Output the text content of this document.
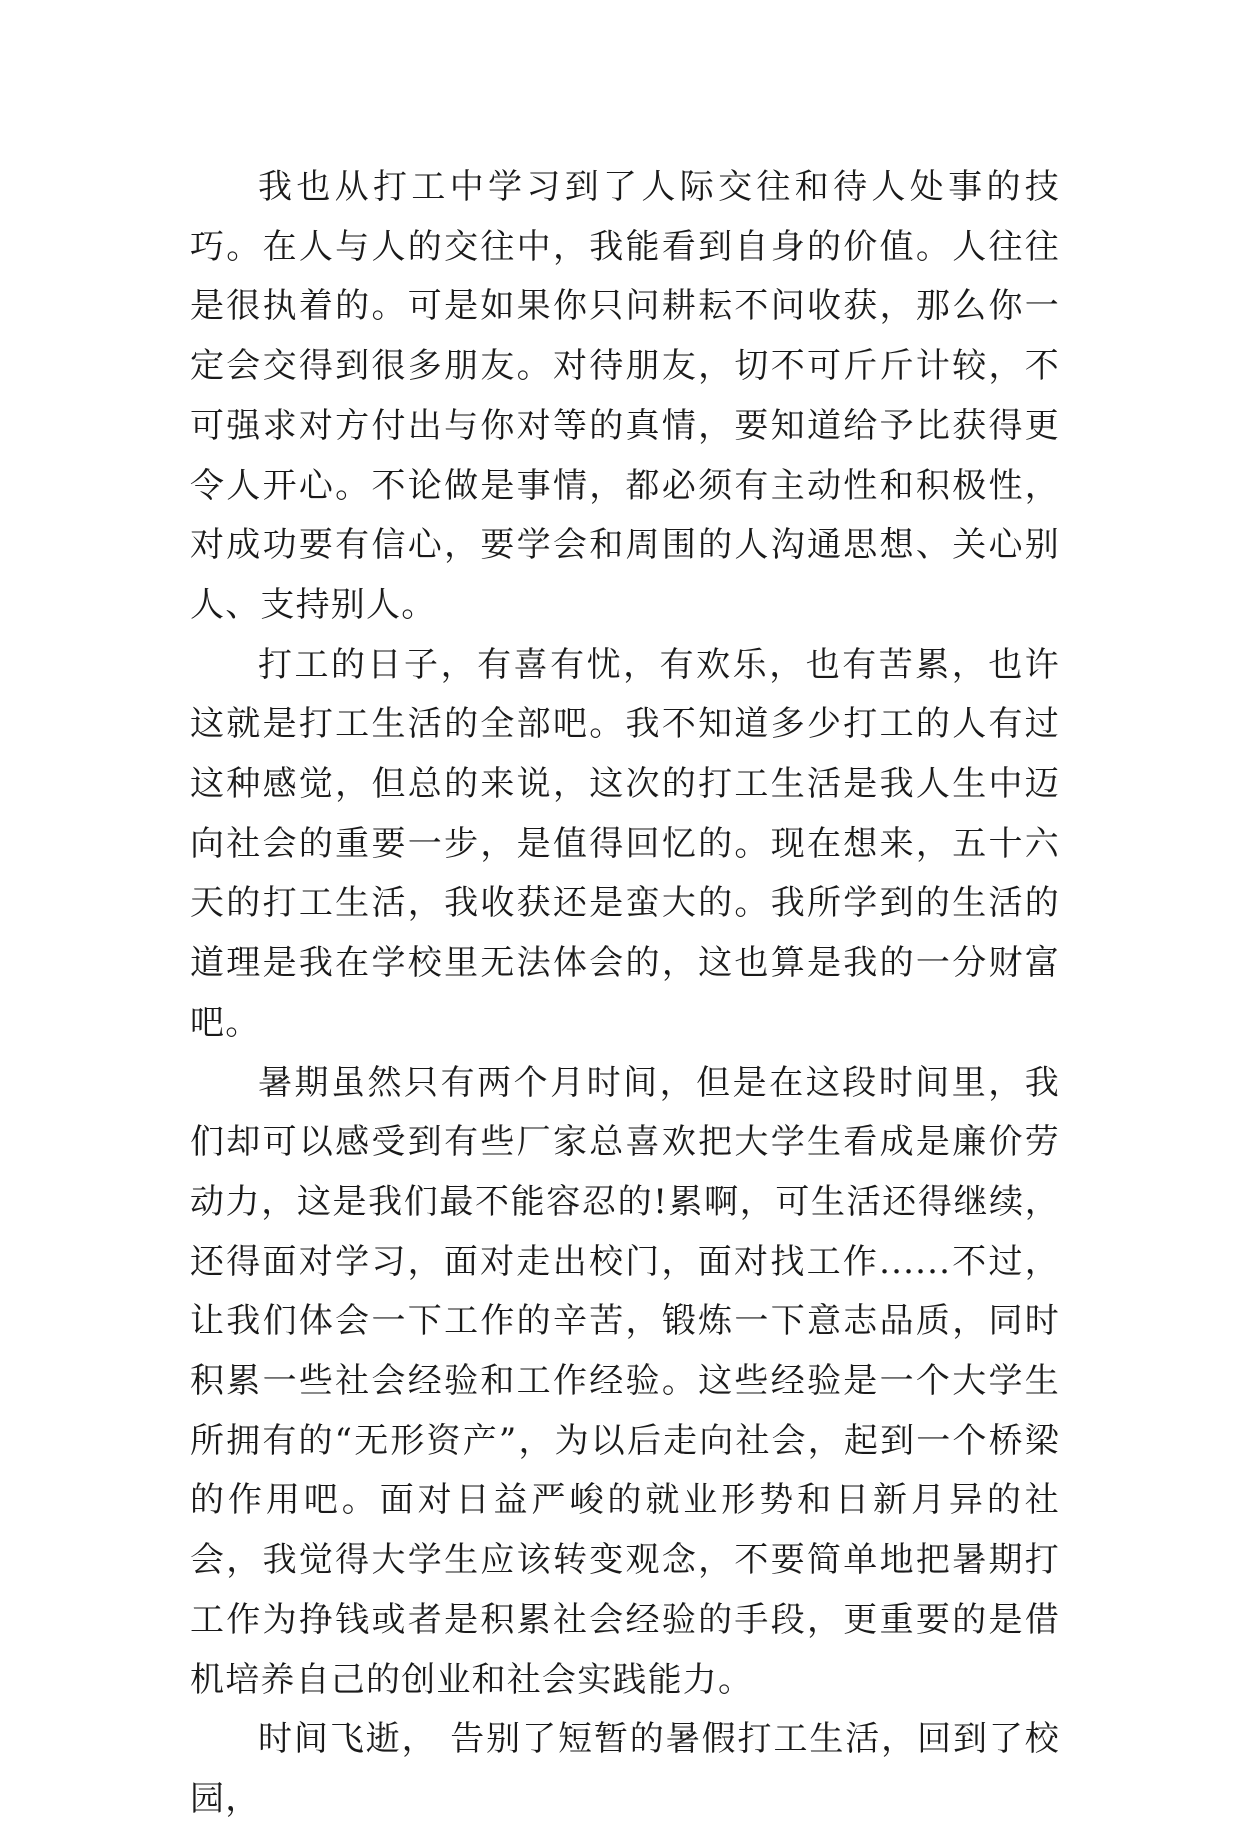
我也从打工中学习到了人际交往和待人处事的技巧。在人与人的交往中，我能看到自身的价值。人往往是很执着的。可是如果你只问耕耘不问收获，那么你一定会交得到很多朋友。对待朋友，切不可斤斤计较，不可强求对方付出与你对等的真情，要知道给予比获得更令人开心。不论做是事情，都必须有主动性和积极性，对成功要有信心，要学会和周围的人沟通思想、关心别人、支持别人。

打工的日子，有喜有忧，有欢乐，也有苦累，也许这就是打工生活的全部吧。我不知道多少打工的人有过这种感觉，但总的来说，这次的打工生活是我人生中迈向社会的重要一步，是值得回忆的。现在想来，五十六天的打工生活，我收获还是蛮大的。我所学到的生活的道理是我在学校里无法体会的，这也算是我的一分财富吧。

暑期虽然只有两个月时间，但是在这段时间里，我们却可以感受到有些厂家总喜欢把大学生看成是廉价劳动力，这是我们最不能容忍的!累啊，可生活还得继续，还得面对学习，面对走出校门，面对找工作......不过，让我们体会一下工作的辛苦，锻炼一下意志品质，同时积累一些社会经验和工作经验。这些经验是一个大学生所拥有的“无形资产”，为以后走向社会，起到一个桥梁的作用吧。面对日益严峻的就业形势和日新月异的社会，我觉得大学生应该转变观念，不要简单地把暑期打工作为挣钱或者是积累社会经验的手段，更重要的是借机培养自己的创业和社会实践能力。

时间飞逝， 告别了短暂的暑假打工生活，回到了校园，
